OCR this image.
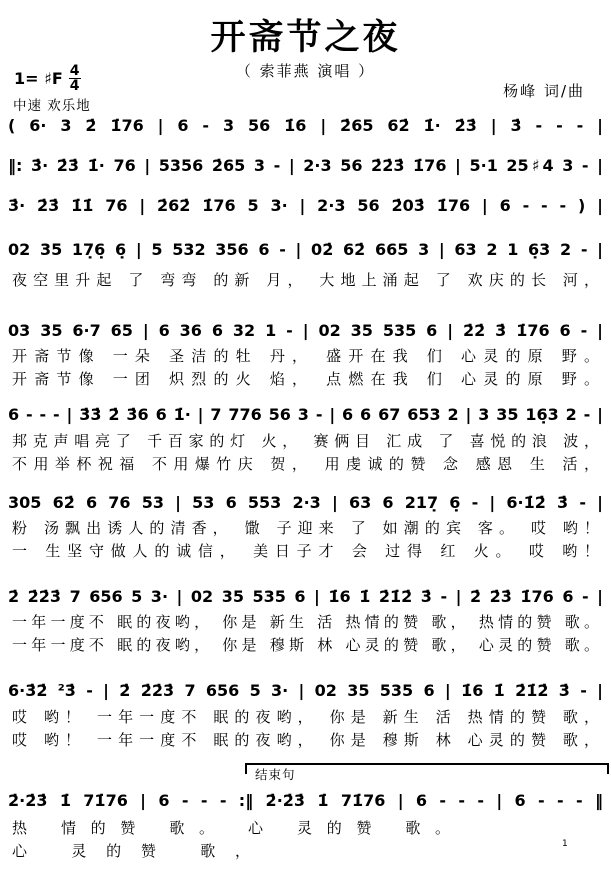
开斋节之夜
（ 索菲燕 演唱 ）
1= ♯F $\frac{4}{4}$
中速 欢乐地
杨峰 词/曲
( 6· 3 2̇ 1̇76 | 6 - 3 56 1̇6 | 2̇65 62̇ 1̇· 2̇3̇ | 3̇ - - - |
‖: 3̇· 2̇3̇ 1̇· 76 | 5356 2̇65 3 - | 2·3 56 2̇2̇3̇ 1̇76 | 5·1 25♯4 3 - |
3̇· 2̇3̇ 1̇1̇ 76 | 2̇62̇ 1̇76 5 3· | 2·3 56 2̇03̇ 1̇76 | 6 - - - ) |
02 35 17̣6̣ 6̣ | 5 532 356 6 - | 02̇ 62̇ 665 3 | 63 2 1 6̣3 2 - |
夜空里升起 了 弯弯 的新 月， 大地上涌起 了 欢庆的长 河，
03 35 6·7 65 | 6 36 6 32 1 - | 02 35 535 6 | 2̇2̇ 3̇ 1̇76 6 - |
开斋节像 一朵 圣洁的牡 丹， 盛开在我 们 心灵的原 野。
开斋节像 一团 炽烈的火 焰， 点燃在我 们 心灵的原 野。
6 - - - | 3̇3̇ 2̇ 3̇6 6 1̇· | 7 776 56 3 - | 6 6 67 653 2 | 3 35 16̣3 2 - |
邦克声唱亮了 千百家的灯 火， 赛俩目 汇成 了 喜悦的浪 波，
不用举杯祝福 不用爆竹庆 贺， 用虔诚的赞 念 感恩 生 活，
305 62̇ 6 76 53 | 53 6 553 2·3 | 63 6 217̣ 6̣ - | 6·1̇2̇ 3̇ - |
粉 汤飘出诱人的清香， 馓 子迎来 了 如潮的宾 客。 哎 哟！
一 生坚守做人的诚信， 美日子才 会 过得 红 火。 哎 哟！
2̇ 2̇2̇3̇ 7 656 5 3· | 02 35 535 6 | 1̇6 1̇ 2̇1̇2̇ 3̇ - | 2̇ 2̇3̇ 1̇76 6 - |
一年一度不 眠的夜哟， 你是 新生 活 热情的赞 歌， 热情的赞 歌。
一年一度不 眠的夜哟， 你是 穆斯 林 心灵的赞 歌， 心灵的赞 歌。
6·3̇2̇ ²3̇ - | 2̇ 2̇2̇3̇ 7 656 5 3· | 02 35 535 6 | 1̇6 1̇ 2̇1̇2̇ 3̇ - |
哎 哟！ 一年一度不 眠的夜哟， 你是 新生 活 热情的赞 歌，
哎 哟！ 一年一度不 眠的夜哟， 你是 穆斯 林 心灵的赞 歌，
结束句
2̇·2̇3̇ 1̇ 71̇76 | 6 - - - :‖ 2̇·2̇3̇ 1̇ 71̇76 | 6 - - - | 6 - - - ‖
热 情的赞 歌。 心 灵的赞 歌。
心 灵的赞 歌，	1
